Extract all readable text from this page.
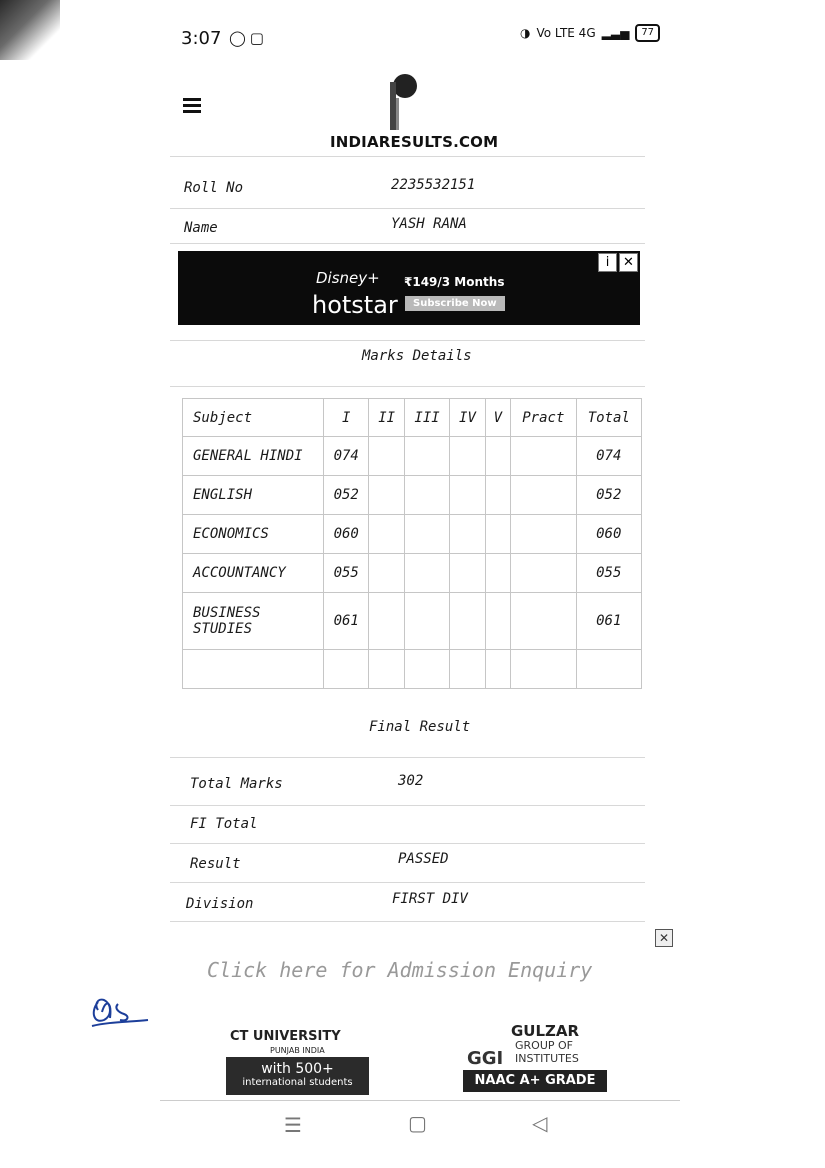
3:07 ◯▢	◑ Vo LTE 4G ▂▃▅	77
INDIARESULTS.COM
Roll No	2235532151
Name	YASH RANA
i	✕
Disney+
hotstar
₹149/3 Months
Subscribe Now
Marks Details
Subject	I	II	III	IV	V	Pract	Total
GENERAL HINDI	074						074
ENGLISH	052						052
ECONOMICS	060						060
ACCOUNTANCY	055						055
BUSINESS STUDIES	061						061

Final Result
Total Marks	302
FI Total
Result	PASSED
Division	FIRST DIV
✕
Click here for Admission Enquiry
CT UNIVERSITY
PUNJAB INDIA
with 500+
international students
GULZAR
GROUP OF
INSTITUTES
GGI
NAAC A+ GRADE
☰	▢	◁
